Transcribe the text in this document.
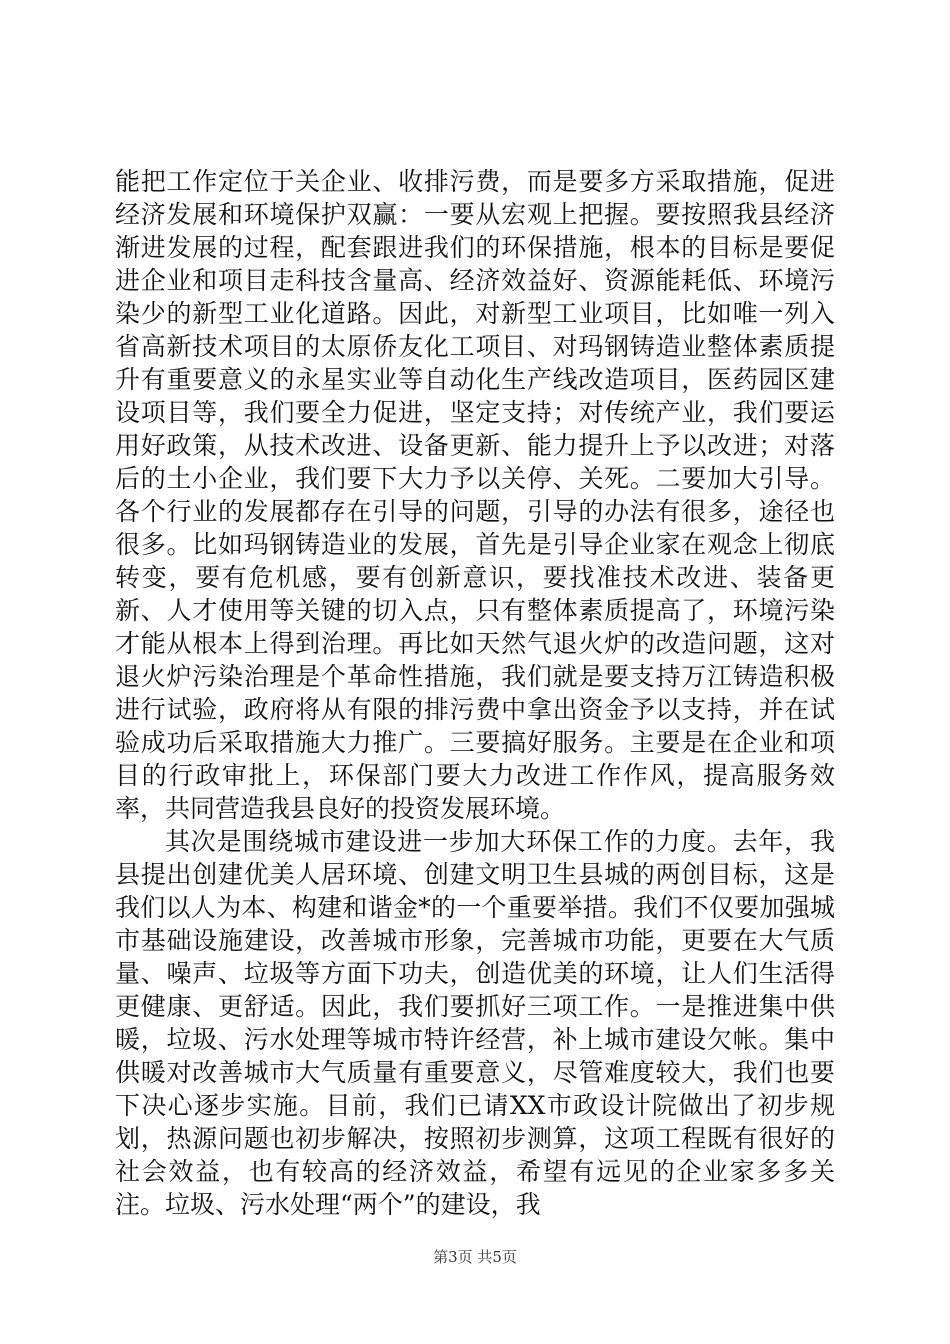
能把工作定位于关企业、收排污费，而是要多方采取措施，促进经济发展和环境保护双赢：一要从宏观上把握。要按照我县经济渐进发展的过程，配套跟进我们的环保措施，根本的目标是要促进企业和项目走科技含量高、经济效益好、资源能耗低、环境污染少的新型工业化道路。因此，对新型工业项目，比如唯一列入省高新技术项目的太原侨友化工项目、对玛钢铸造业整体素质提升有重要意义的永星实业等自动化生产线改造项目，医药园区建设项目等，我们要全力促进，坚定支持；对传统产业，我们要运用好政策，从技术改进、设备更新、能力提升上予以改进；对落后的土小企业，我们要下大力予以关停、关死。二要加大引导。各个行业的发展都存在引导的问题，引导的办法有很多，途径也很多。比如玛钢铸造业的发展，首先是引导企业家在观念上彻底转变，要有危机感，要有创新意识，要找准技术改进、装备更新、人才使用等关键的切入点，只有整体素质提高了，环境污染才能从根本上得到治理。再比如天然气退火炉的改造问题，这对退火炉污染治理是个革命性措施，我们就是要支持万江铸造积极进行试验，政府将从有限的排污费中拿出资金予以支持，并在试验成功后采取措施大力推广。三要搞好服务。主要是在企业和项目的行政审批上，环保部门要大力改进工作作风，提高服务效率，共同营造我县良好的投资发展环境。

其次是围绕城市建设进一步加大环保工作的力度。去年，我县提出创建优美人居环境、创建文明卫生县城的两创目标，这是我们以人为本、构建和谐金*的一个重要举措。我们不仅要加强城市基础设施建设，改善城市形象，完善城市功能，更要在大气质量、噪声、垃圾等方面下功夫，创造优美的环境，让人们生活得更健康、更舒适。因此，我们要抓好三项工作。一是推进集中供暖，垃圾、污水处理等城市特许经营，补上城市建设欠帐。集中供暖对改善城市大气质量有重要意义，尽管难度较大，我们也要下决心逐步实施。目前，我们已请XX市政设计院做出了初步规划，热源问题也初步解决，按照初步测算，这项工程既有很好的社会效益，也有较高的经济效益，希望有远见的企业家多多关注。垃圾、污水处理“两个”的建设，我

第3页 共5页
